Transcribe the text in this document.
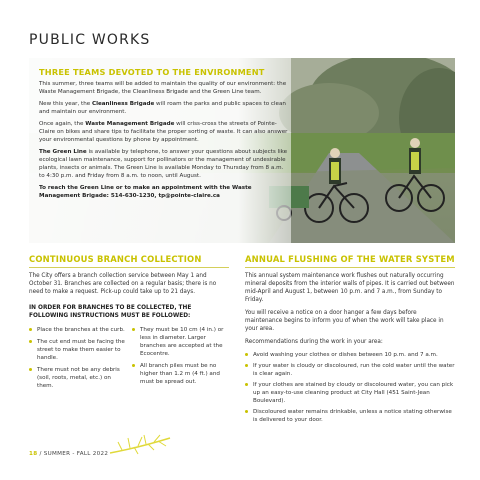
PUBLIC WORKS
THREE TEAMS DEVOTED TO THE ENVIRONMENT

This summer, three teams will be added to maintain the quality of our environment: the Waste Management Brigade, the Cleanliness Brigade and the Green Line team.

New this year, the Cleanliness Brigade will roam the parks and public spaces to clean and maintain our environment.

Once again, the Waste Management Brigade will criss-cross the streets of Pointe-Claire on bikes and share tips to facilitate the proper sorting of waste. It can also answer your environmental questions by phone by appointment.

The Green Line is available by telephone, to answer your questions about subjects like ecological lawn maintenance, support for pollinators or the management of undesirable plants, insects or animals. The Green Line is available Monday to Thursday from 8 a.m. to 4:30 p.m. and Friday from 8 a.m. to noon, until August.

To reach the Green Line or to make an appointment with the Waste Management Brigade: 514-630-1230, tp@pointe-claire.ca

CONTINUOUS BRANCH COLLECTION

The City offers a branch collection service between May 1 and October 31. Branches are collected on a regular basis; there is no need to make a request. Pick-up could take up to 21 days.

IN ORDER FOR BRANCHES TO BE COLLECTED, THE FOLLOWING INSTRUCTIONS MUST BE FOLLOWED:
Place the branches at the curb.
The cut end must be facing the street to make them easier to handle.
There must not be any debris (soil, roots, metal, etc.) on them.
They must be 10 cm (4 in.) or less in diameter. Larger branches are accepted at the Ecocentre.
All branch piles must be no higher than 1.2 m (4 ft.) and must be spread out.
ANNUAL FLUSHING OF THE WATER SYSTEM

This annual system maintenance work flushes out naturally occurring mineral deposits from the interior walls of pipes. It is carried out between mid-April and August 1, between 10 p.m. and 7 a.m., from Sunday to Friday.

You will receive a notice on a door hanger a few days before maintenance begins to inform you of when the work will take place in your area.

Recommendations during the work in your area:

Avoid washing your clothes or dishes between 10 p.m. and 7 a.m.
If your water is cloudy or discoloured, run the cold water until the water is clear again.
If your clothes are stained by cloudy or discoloured water, you can pick up an easy-to-use cleaning product at City Hall (451 Saint-Jean Boulevard).
Discoloured water remains drinkable, unless a notice stating otherwise is delivered to your door.
18 / SUMMER - FALL 2022
